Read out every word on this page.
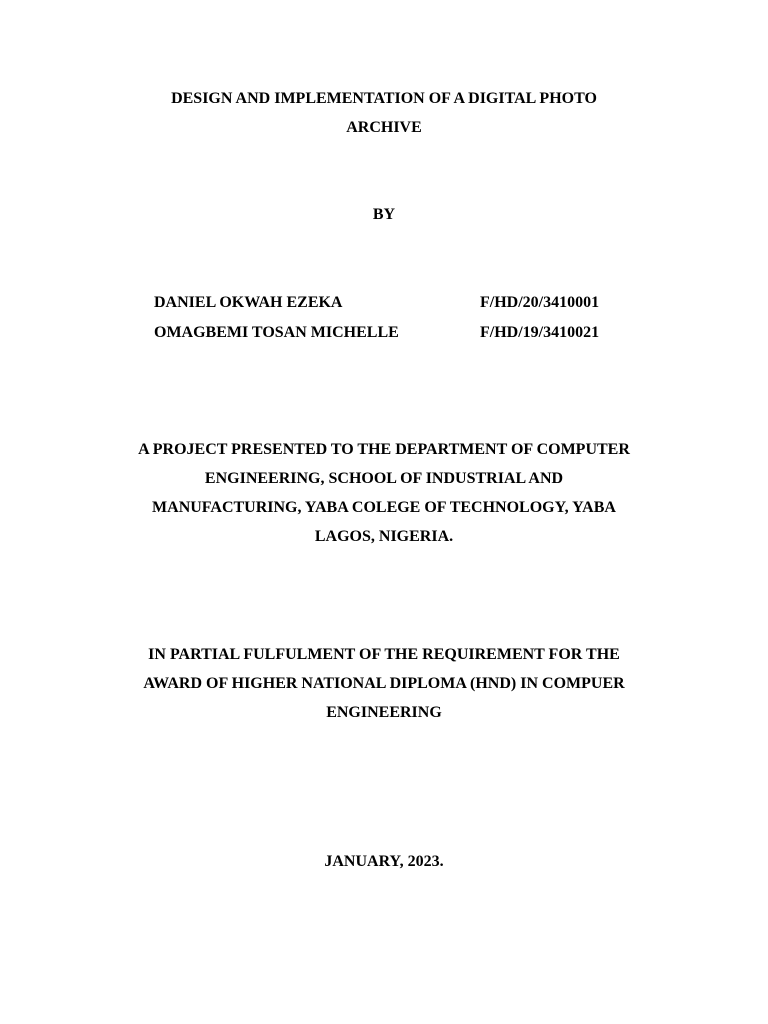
DESIGN AND IMPLEMENTATION OF A DIGITAL PHOTO
ARCHIVE
BY
DANIEL OKWAH EZEKA	F/HD/20/3410001
OMAGBEMI TOSAN MICHELLE	F/HD/19/3410021
A PROJECT PRESENTED TO THE DEPARTMENT OF COMPUTER
ENGINEERING, SCHOOL OF INDUSTRIAL AND
MANUFACTURING, YABA COLEGE OF TECHNOLOGY, YABA
LAGOS, NIGERIA.
IN PARTIAL FULFULMENT OF THE REQUIREMENT FOR THE
AWARD OF HIGHER NATIONAL DIPLOMA (HND) IN COMPUER
ENGINEERING
JANUARY, 2023.
